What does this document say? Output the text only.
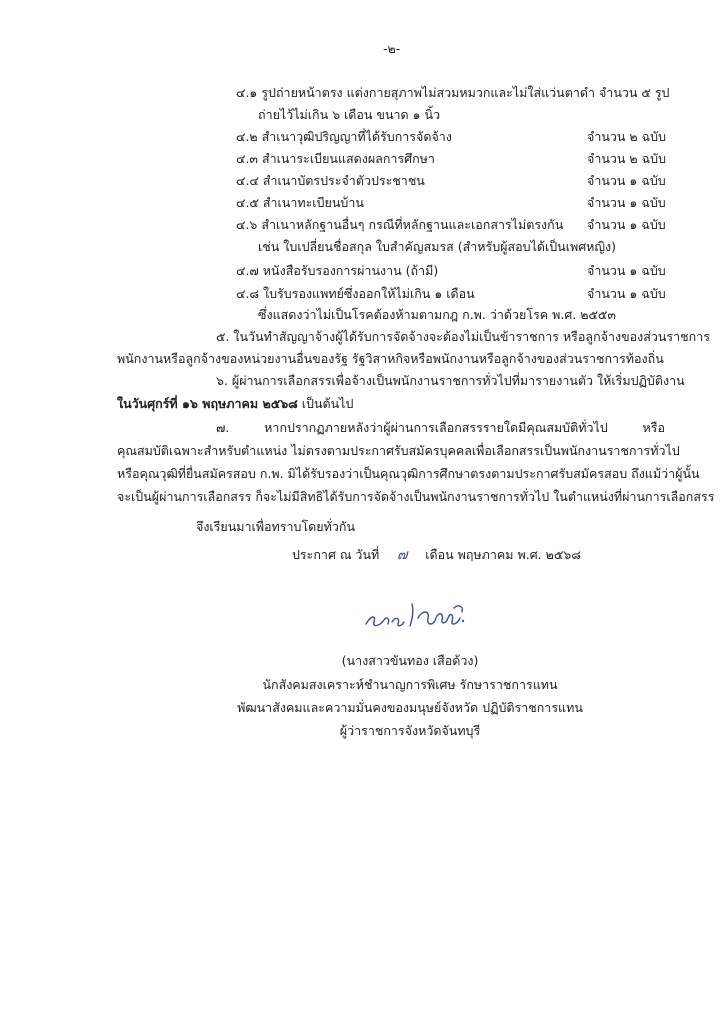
-๒-
๔.๑ รูปถ่ายหน้าตรง แต่งกายสุภาพไม่สวมหมวกและไม่ใส่แว่นตาดำ จำนวน ๕ รูป
ถ่ายไว้ไม่เกิน ๖ เดือน ขนาด ๑ นิ้ว
๔.๒ สำเนาวุฒิปริญญาที่ได้รับการจัดจ้าง	จำนวน ๒ ฉบับ
๔.๓ สำเนาระเบียนแสดงผลการศึกษา	จำนวน ๒ ฉบับ
๔.๔ สำเนาบัตรประจำตัวประชาชน	จำนวน ๑ ฉบับ
๔.๕ สำเนาทะเบียนบ้าน	จำนวน ๑ ฉบับ
๔.๖ สำเนาหลักฐานอื่นๆ กรณีที่หลักฐานและเอกสารไม่ตรงกัน จำนวน ๑ ฉบับ
เช่น ใบเปลี่ยนชื่อสกุล ใบสำคัญสมรส (สำหรับผู้สอบได้เป็นเพศหญิง)
๔.๗ หนังสือรับรองการผ่านงาน (ถ้ามี)	จำนวน ๑ ฉบับ
๔.๘ ใบรับรองแพทย์ซึ่งออกให้ไม่เกิน ๑ เดือน	จำนวน ๑ ฉบับ
ซึ่งแสดงว่าไม่เป็นโรคต้องห้ามตามกฎ ก.พ. ว่าด้วยโรค พ.ศ. ๒๕๕๓
๕. ในวันทำสัญญาจ้างผู้ได้รับการจัดจ้างจะต้องไม่เป็นข้าราชการ หรือลูกจ้างของส่วนราชการ
พนักงานหรือลูกจ้างของหน่วยงานอื่นของรัฐ รัฐวิสาหกิจหรือพนักงานหรือลูกจ้างของส่วนราชการท้องถิ่น
๖. ผู้ผ่านการเลือกสรรเพื่อจ้างเป็นพนักงานราชการทั่วไปที่มารายงานตัว ให้เริ่มปฏิบัติงาน
ในวันศุกร์ที่ ๑๖ พฤษภาคม ๒๕๖๘ เป็นต้นไป
๗. หากปรากฏภายหลังว่าผู้ผ่านการเลือกสรรรายใดมีคุณสมบัติทั่วไป หรือ
คุณสมบัติเฉพาะสำหรับตำแหน่ง ไม่ตรงตามประกาศรับสมัครบุคคลเพื่อเลือกสรรเป็นพนักงานราชการทั่วไป
หรือคุณวุฒิที่ยื่นสมัครสอบ ก.พ. มิได้รับรองว่าเป็นคุณวุฒิการศึกษาตรงตามประกาศรับสมัครสอบ ถึงแม้ว่าผู้นั้น
จะเป็นผู้ผ่านการเลือกสรร ก็จะไม่มีสิทธิได้รับการจัดจ้างเป็นพนักงานราชการทั่วไป ในตำแหน่งที่ผ่านการเลือกสรร
จึงเรียนมาเพื่อทราบโดยทั่วกัน
ประกาศ ณ วันที่ ๗ เดือน พฤษภาคม พ.ศ. ๒๕๖๘
(นางสาวขันทอง เสือด้วง)
นักสังคมสงเคราะห์ชำนาญการพิเศษ รักษาราชการแทน
พัฒนาสังคมและความมั่นคงของมนุษย์จังหวัด ปฏิบัติราชการแทน
ผู้ว่าราชการจังหวัดจันทบุรี
